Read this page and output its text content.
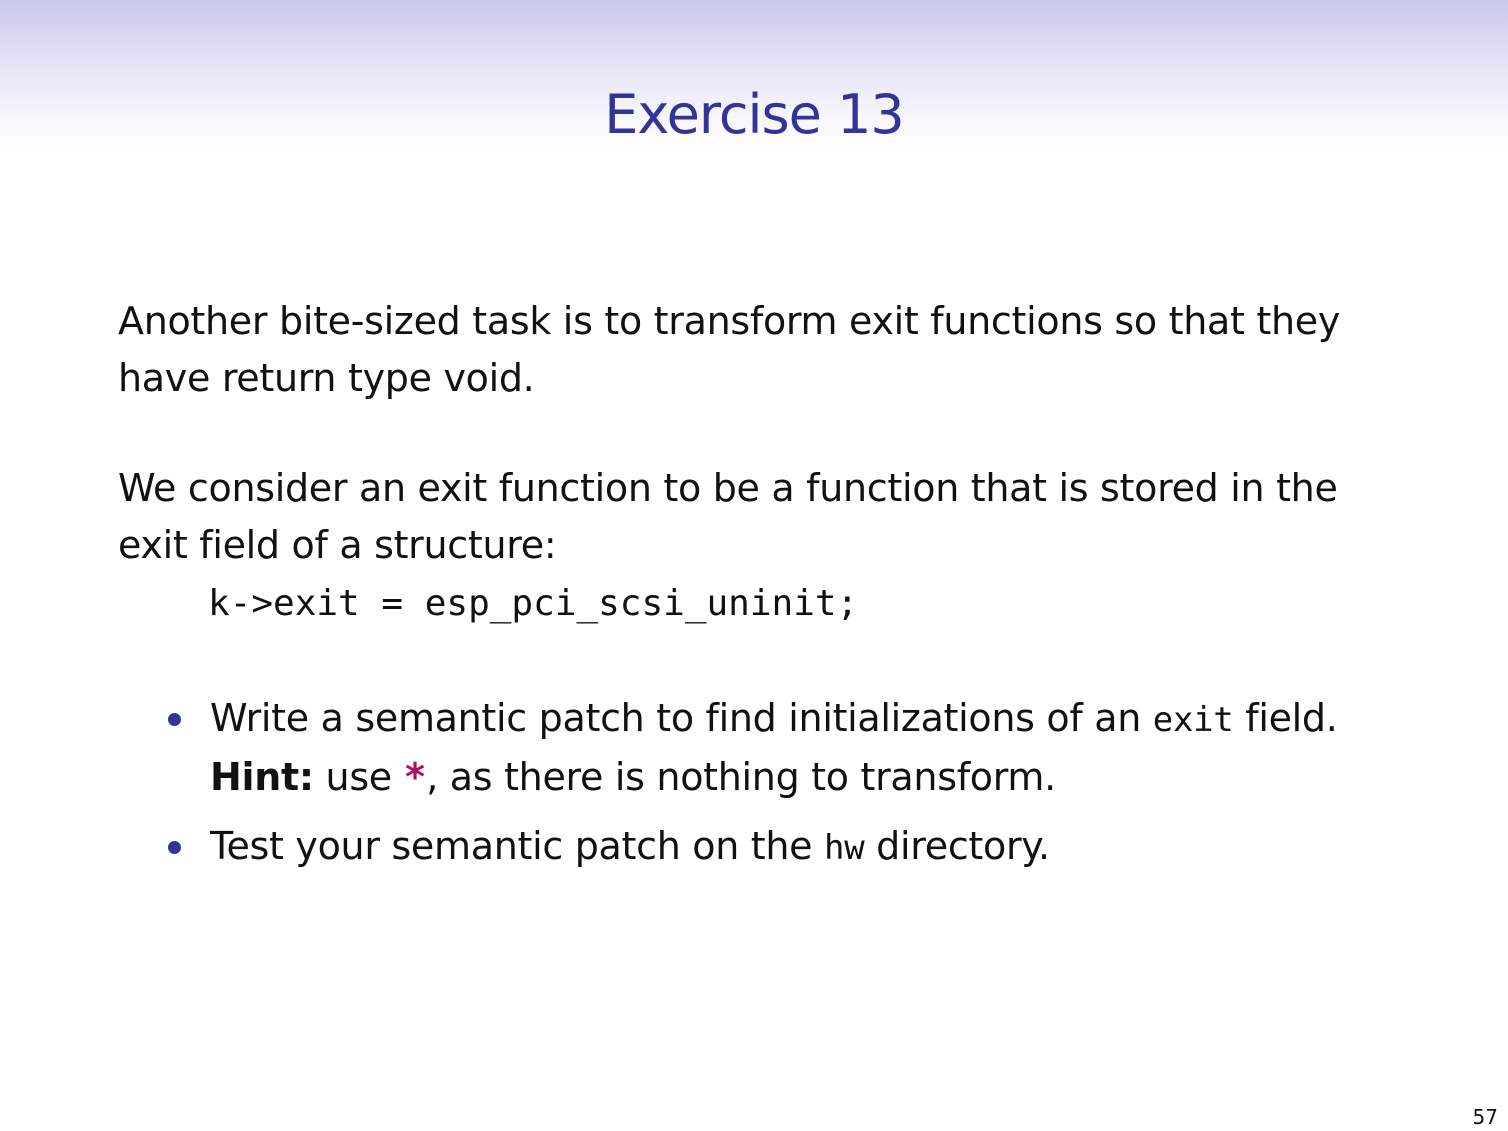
Exercise 13
Another bite-sized task is to transform exit functions so that they have return type void.
We consider an exit function to be a function that is stored in the exit field of a structure:
k->exit = esp_pci_scsi_uninit;
Write a semantic patch to find initializations of an exit field.
Hint: use *, as there is nothing to transform.
Test your semantic patch on the hw directory.
57
